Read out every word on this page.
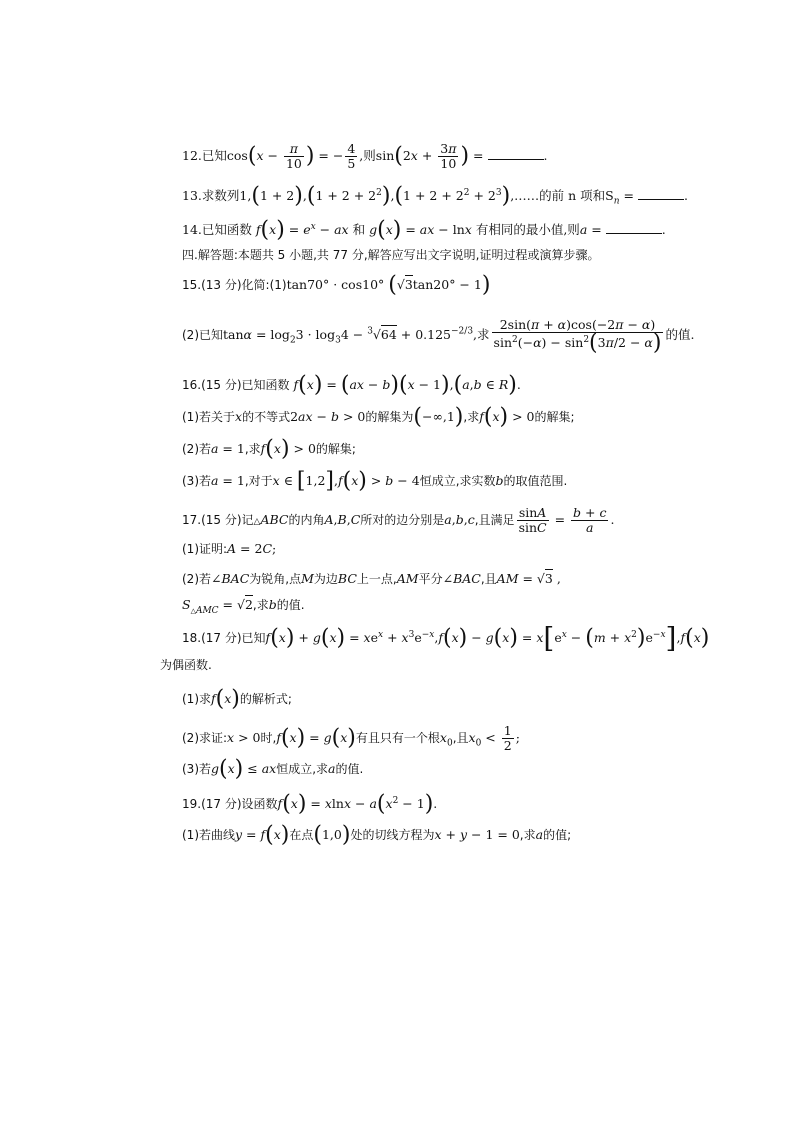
12.已知$\cos(x - \frac{\pi}{10}$ ) = − $\frac{4}{5}$ ,则$\sin(2x + \frac{3\pi}{10}$ ) =	.
13.求数列$1,(1 + 2),(1 + 2 + 2^2),(1 + 2 + 2^2$ + $2^3),\dots\dots$的前 n 项和$S_n$ =	.
14.已知函数 $f(x) = e^x$ − ax 和 g(x) = ax − lnx 有相同的最小值,则a =	.
四.解答题:本题共 5 小题,共 77 分,解答应写出文字说明,证明过程或演算步骤。
15.(13 分)化简:(1)tan70° · cos10° (√3tan20° − 1)
(2)已知$\tan\alpha = \log_23 \cdot \log_34 - ^3√64 + 0.125^{-2/3}$,求 $\frac{2\sin(\pi + \alpha)\cos(-2\pi - \alpha)}{\sin^2(-\alpha) - \sin^2(3\pi/2 - \alpha)}$ 的值.
16.(15 分)已知函数 f(x) = (ax − b)(x − 1),(a,b ∈ R).
(1)若关于x的不等式2ax − b > 0的解集为(−∞,1),求f(x) > 0的解集;
(2)若a = 1,求f(x) > 0的解集;
(3)若a = 1,对于x ∈ [1,2],f(x) > b − 4恒成立,求实数b的取值范围.
17.(15 分)记△ABC的内角A,B,C所对的边分别是a,b,c,且满足 $\frac{\sin A}{\sin C} = \frac{b + c}{a}$ .
(1)证明:A = 2C;
(2)若∠BAC为锐角,点M为边BC上一点,AM平分∠BAC,且AM = √3 ,
$S_{\triangle AMC} = √2$,求b的值.
18.(17 分)已知$f(x) + g(x) = xe^x + x^3e^{-x},f(x) - g(x) = x[e^x - (m + x^2)e^{-x}],f(x)$
为偶函数.
(1)求f(x)的解析式;
(2)求证:x > 0时,f(x) = g(x)有且只有一个根$x_0$,且$x_0 < \frac{1}{2}$ ;
(3)若g(x) ≤ ax恒成立,求a的值.
19.(17 分)设函数$f(x) = xlnx - a(x^2 - 1)$.
(1)若曲线y = f(x)在点(1,0)处的切线方程为x + y − 1 = 0,求a的值;
